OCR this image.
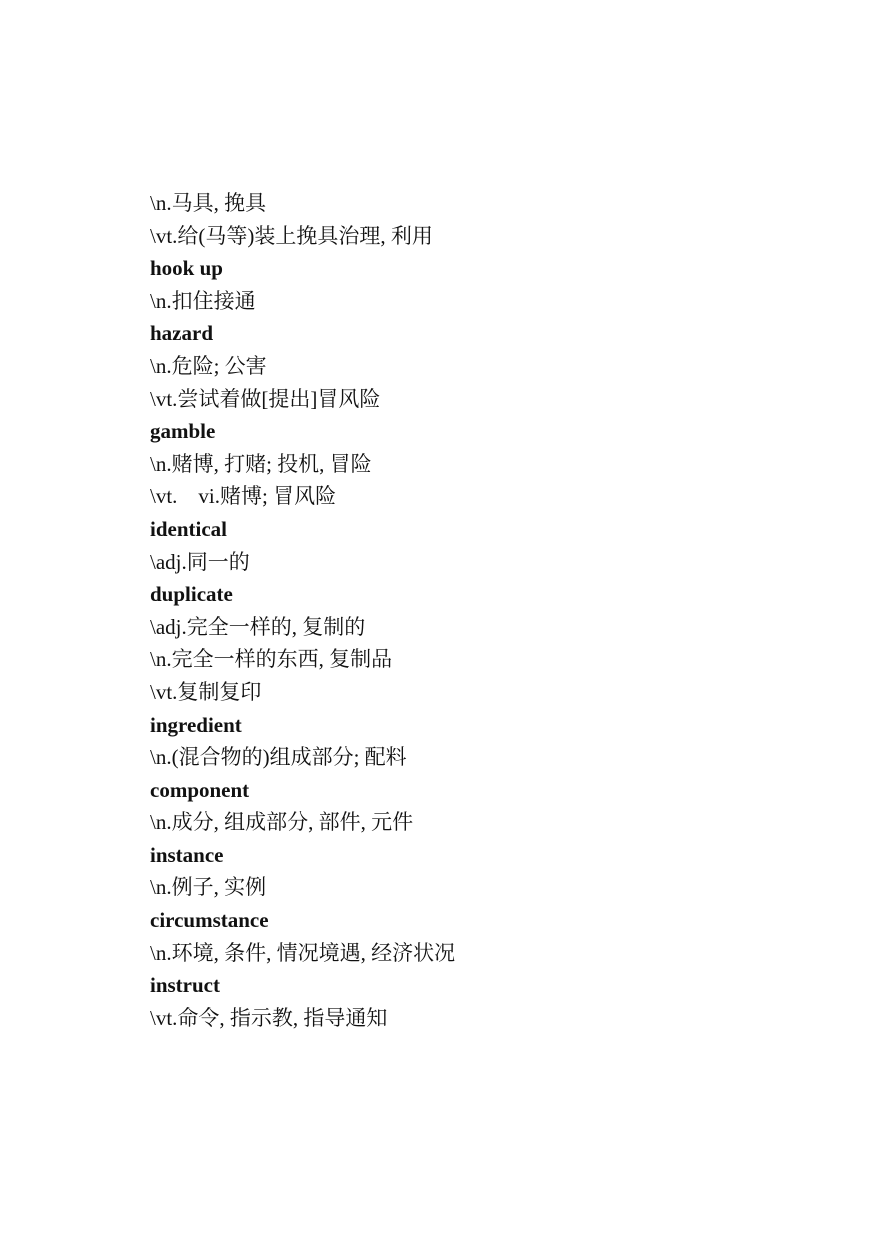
\n.马具, 挽具
\vt.给(马等)装上挽具治理, 利用
hook up
\n.扣住接通
hazard
\n.危险; 公害
\vt.尝试着做[提出]冒风险
gamble
\n.赌博, 打赌; 投机, 冒险
\vt.    vi.赌博; 冒风险
identical
\adj.同一的
duplicate
\adj.完全一样的, 复制的
\n.完全一样的东西, 复制品
\vt.复制复印
ingredient
\n.(混合物的)组成部分; 配料
component
\n.成分, 组成部分, 部件, 元件
instance
\n.例子, 实例
circumstance
\n.环境, 条件, 情况境遇, 经济状况
instruct
\vt.命令, 指示教, 指导通知
